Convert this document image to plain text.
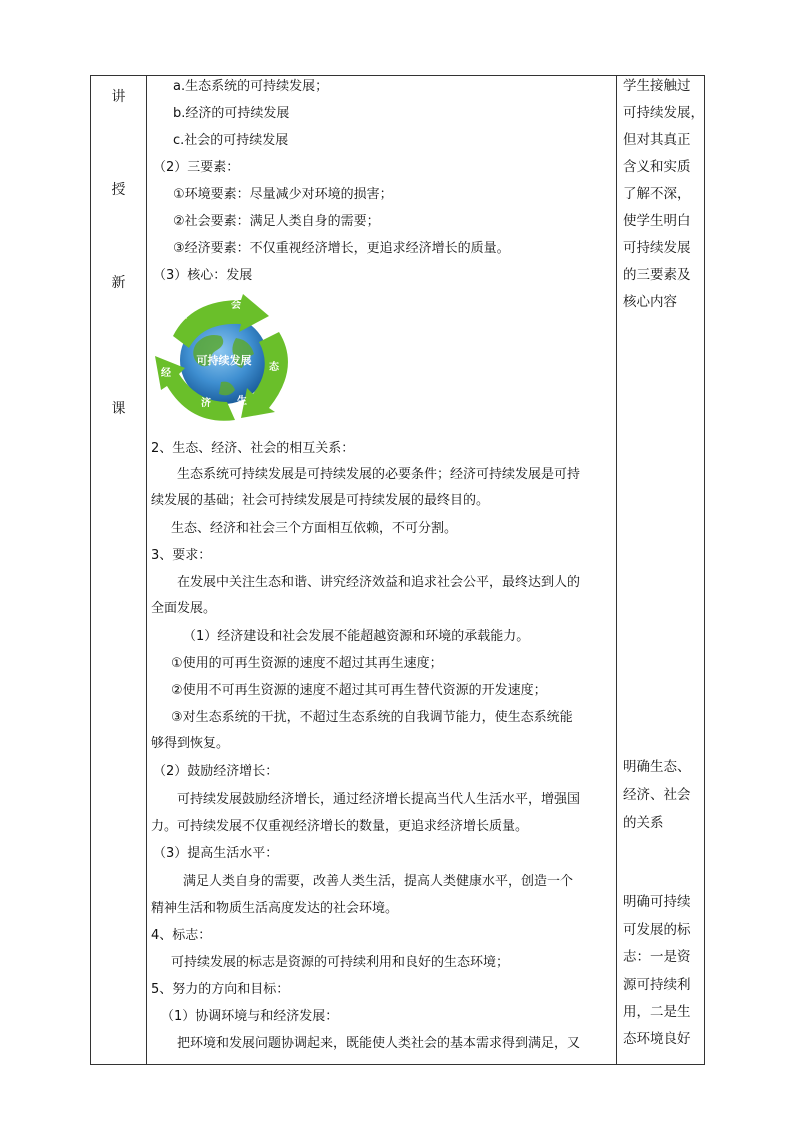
讲
授
新
课
a.生态系统的可持续发展；
b.经济的可持续发展
c.社会的可持续发展
（2）三要素：
①环境要素：尽量减少对环境的损害；
②社会要素：满足人类自身的需要；
③经济要素：不仅重视经济增长，更追求经济增长的质量。
（3）核心：发展
2、生态、经济、社会的相互关系：
生态系统可持续发展是可持续发展的必要条件；经济可持续发展是可持
续发展的基础；社会可持续发展是可持续发展的最终目的。
生态、经济和社会三个方面相互依赖，不可分割。
3、要求：
在发展中关注生态和谐、讲究经济效益和追求社会公平，最终达到人的
全面发展。
（1）经济建设和社会发展不能超越资源和环境的承载能力。
①使用的可再生资源的速度不超过其再生速度；
②使用不可再生资源的速度不超过其可再生替代资源的开发速度；
③对生态系统的干扰，不超过生态系统的自我调节能力，使生态系统能
够得到恢复。
（2）鼓励经济增长：
可持续发展鼓励经济增长，通过经济增长提高当代人生活水平，增强国
力。可持续发展不仅重视经济增长的数量，更追求经济增长质量。
（3）提高生活水平：
满足人类自身的需要，改善人类生活，提高人类健康水平，创造一个
精神生活和物质生活高度发达的社会环境。
4、标志：
可持续发展的标志是资源的可持续利用和良好的生态环境；
5、努力的方向和目标：
（1）协调环境与和经济发展：
把环境和发展问题协调起来，既能使人类社会的基本需求得到满足，又
社
会
态
生
济
经
可持续发展
学生接触过
可持续发展，
但对其真正
含义和实质
了解不深，
使学生明白
可持续发展
的三要素及
核心内容
明确生态、
经济、社会
的关系
明确可持续
可发展的标
志：一是资
源可持续利
用，二是生
态环境良好
